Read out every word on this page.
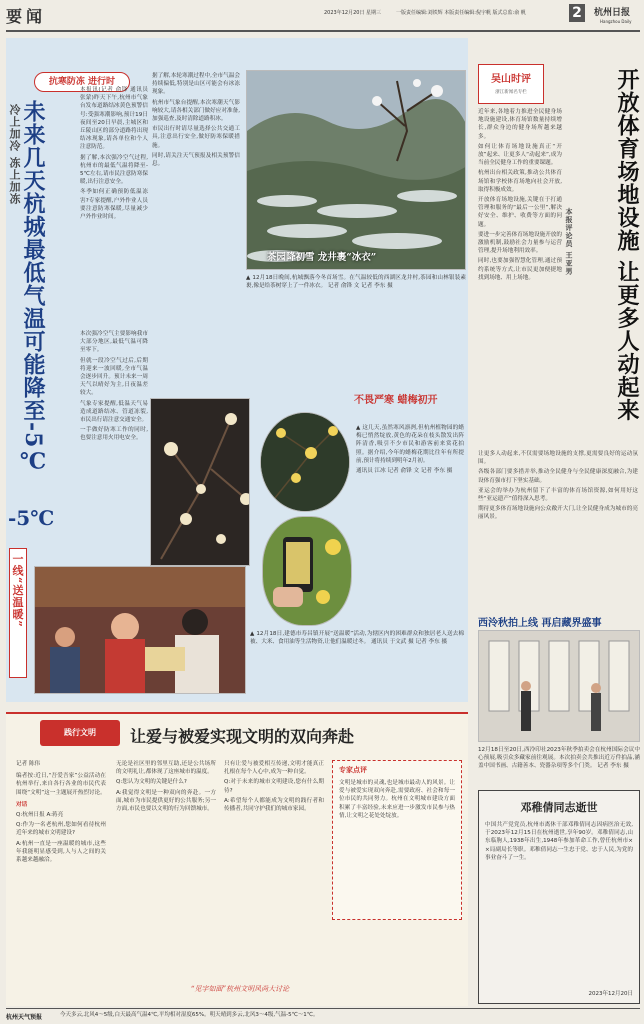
要闻	2023年12月20日 星期三	一版责任编辑:刘铁辉 本版责任编辑:倪宇帆 版式总监:俞 帆	2	杭州日报
Hangzhou Daily
抗寒防冻 进行时
冷上加冷 冻上加冻 未来几天杭城最低气温可能降至-5℃
-5℃
一线“送温暖”

本报讯(记者 俞锋 通讯员 张蒙)昨天下午,杭州市气象台发布道路结冰黄色预警信号:受强寒潮影响,预计19日夜间至20日早晨,主城区和丘陵山区的部分道路将出现结冰现象,请各单位和个人注意防范。

据了解,本次强冷空气过程,杭州市的最低气温将降至-5℃左右,请市民注意防寒保暖,出行注意安全。

冬季如何正确预防低温冻害?专家提醒,户外作业人员要注意防寒保暖,尽量减少户外作业时间。

本次强冷空气主要影响我市大部分地区,最低气温可降至零下。

但就一段冷空气过后,后期将迎来一波回暖,全市气温会逐步回升。预计未来一周天气以晴好为主,日夜温差较大。

气象专家提醒,低温天气易造成道路结冰、管道冻裂,市民出行请注意交通安全。

一手做好防寒工作的同时,也要注意用火用电安全。

据了解,本轮寒潮过程中,全市气温会持续偏低,特别是山区可能会有冰冻现象。

杭州市气象台提醒,本次寒潮天气影响较大,请各相关部门做好应对准备,加强巡查,及时清除道路积冰。

市民出行时请尽量选择公共交通工具,注意出行安全,做好防寒保暖措施。

同时,请关注天气预报及相关预警信息。

茶园降初雪 龙井裹“冰衣”
▲ 12月18日晚间,杭城飘落今冬首场雪。在气温较低的西湖区龙井村,茶园和山林银装素裹,像是给茶树穿上了一件冰衣。 记者 俞锋 文 记者 李东 摄
不畏严寒 蜡梅初开
▲ 这几天,虽然寒风凛冽,但杭州植物园的蜡梅已悄然绽放,黄色的花朵在枝头散发出阵阵清香,吸引不少市民和游客前来赏花拍照。据介绍,今年的蜡梅花期比往年有所提前,预计将持续到明年2月初。
通讯员 江冰 记者 俞锋 文 记者 李东 摄
▲ 12月18日,建德市寿昌镇开展“送温暖”活动,为辖区内的困难群众和独居老人送去棉被、大米、食用油等生活物资,让他们温暖过冬。 通讯员 于文武 摄 记者 李东 摄
吴山时评
浙江新闻名专栏	开放体育场地设施 让更多人动起来
本报评论员 王亚男

近年来,各地着力推进全民健身场地设施建设,体育场馆数量持续增长,群众身边的健身场所越来越多。

如何让体育场地设施真正“开放”起来、让更多人“动起来”,成为当前全民健身工作的重要课题。

杭州出台相关政策,推动公共体育场馆和学校体育场地向社会开放,取得积极成效。

开放体育场地设施,关键在于打通管理和服务的“最后一公里”,解决好安全、维护、收费等方面的问题。

要进一步完善体育场地设施开放的激励机制,鼓励社会力量参与运营管理,提升场地利用效率。

同时,也要加强智慧化管理,通过预约系统等方式,让市民更加便捷地找到场地、用上场地。

让更多人动起来,不仅需要场地设施的支撑,更需要良好的运动氛围。

各级各部门要多措并举,推动全民健身与全民健康深度融合,为建设体育强市打下坚实基础。

亚运会的举办为杭州留下了丰富的体育场馆资源,如何用好这些“亚运遗产”值得深入思考。

期待更多体育场地设施向公众敞开大门,让全民健身成为城市的亮丽风景。

西泠秋拍上线 再启藏界盛事
12月18日至20日,西泠印社2023年秋季拍卖会在杭州国际会议中心预展,吸引众多藏家前往观展。本次拍卖会共推出近万件拍品,涵盖中国书画、古籍善本、瓷器杂项等多个门类。 记者 李东 摄
邓稚倩同志逝世
中国共产党党员,杭州市离休干部邓稚倩同志因病医治无效,于2023年12月15日在杭州逝世,享年90岁。邓稚倩同志,山东临朐人,1938年出生,1948年参加革命工作,曾任杭州市××局副局长等职。邓稚倩同志一生忠于党、忠于人民,为党的事业奋斗了一生。
2023年12月20日
践行文明	让爱与被爱实现文明的双向奔赴

记者 陈伟

编者按:近日,“吾爱吾家”公益活动在杭州举行,来自各行各业的市民代表围绕“文明”这一主题展开热烈讨论。

对话

Q:杭州日报 A:蒋亮

Q:作为一名老杭州,您如何看待杭州近年来的城市文明建设?

A:杭州一直是一座温暖的城市,这些年我能明显感受到,人与人之间的关系越来越融洽。

无论是社区里的邻里互助,还是公共场所的文明礼让,都体现了这座城市的温度。

Q:您认为文明的关键是什么?

A:我觉得文明是一种双向的奔赴。一方面,城市为市民提供更好的公共服务;另一方面,市民也要以文明的行为回馈城市。

只有让爱与被爱相互传递,文明才能真正扎根在每个人心中,成为一种自觉。

Q:对于未来的城市文明建设,您有什么期待?

A:希望每个人都能成为文明的践行者和传播者,共同守护我们的城市家园。

专家点评
文明是城市的灵魂,也是城市最动人的风景。让爱与被爱实现双向奔赴,需要政府、社会和每一位市民的共同努力。杭州在文明城市建设方面积累了丰富经验,未来应进一步激发市民参与热情,让文明之花处处绽放。
“见字如面”杭州文明风尚大讨论
杭州天气预报	今天多云,北风4～5级,白天最高气温4℃,平均相对湿度65%。明天晴到多云,北风3～4级,气温-5℃～1℃。
